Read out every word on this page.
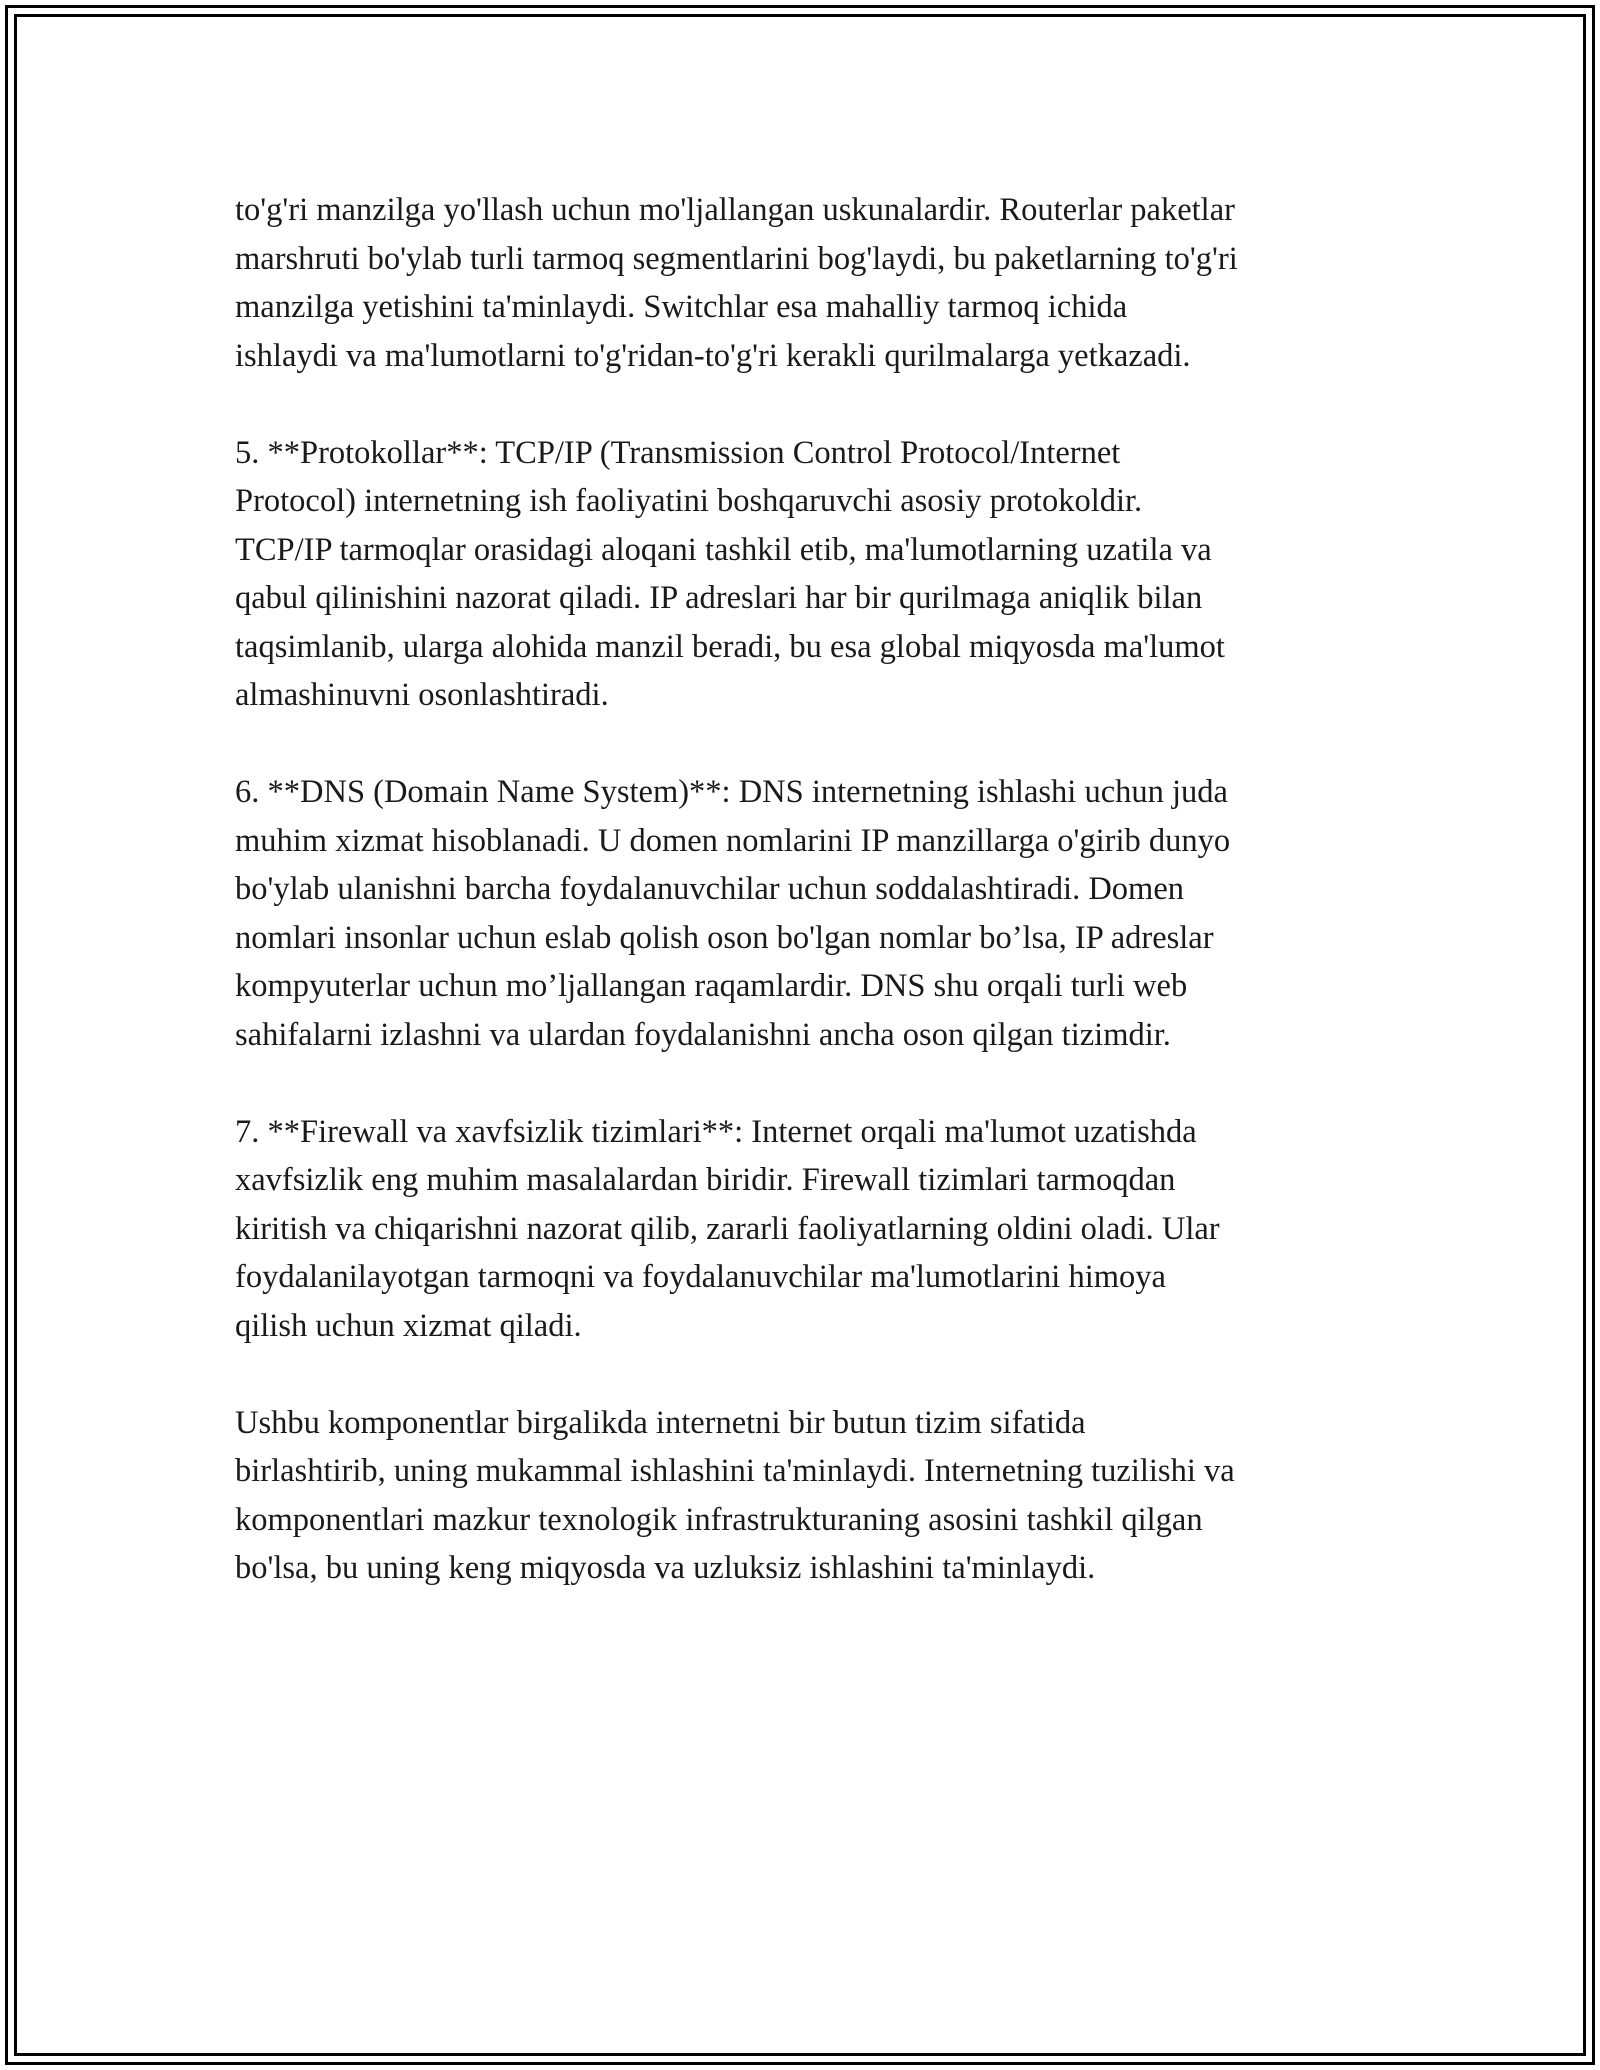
to'g'ri manzilga yo'llash uchun mo'ljallangan uskunalardir. Routerlar paketlar
marshruti bo'ylab turli tarmoq segmentlarini bog'laydi, bu paketlarning to'g'ri
manzilga yetishini ta'minlaydi. Switchlar esa mahalliy tarmoq ichida
ishlaydi va ma'lumotlarni to'g'ridan-to'g'ri kerakli qurilmalarga yetkazadi.

5. **Protokollar**: TCP/IP (Transmission Control Protocol/Internet
Protocol) internetning ish faoliyatini boshqaruvchi asosiy protokoldir.
TCP/IP tarmoqlar orasidagi aloqani tashkil etib, ma'lumotlarning uzatila va
qabul qilinishini nazorat qiladi. IP adreslari har bir qurilmaga aniqlik bilan
taqsimlanib, ularga alohida manzil beradi, bu esa global miqyosda ma'lumot
almashinuvni osonlashtiradi.

6. **DNS (Domain Name System)**: DNS internetning ishlashi uchun juda
muhim xizmat hisoblanadi. U domen nomlarini IP manzillarga o'girib dunyo
bo'ylab ulanishni barcha foydalanuvchilar uchun soddalashtiradi. Domen
nomlari insonlar uchun eslab qolish oson bo'lgan nomlar bo’lsa, IP adreslar
kompyuterlar uchun mo’ljallangan raqamlardir. DNS shu orqali turli web
sahifalarni izlashni va ulardan foydalanishni ancha oson qilgan tizimdir.

7. **Firewall va xavfsizlik tizimlari**: Internet orqali ma'lumot uzatishda
xavfsizlik eng muhim masalalardan biridir. Firewall tizimlari tarmoqdan
kiritish va chiqarishni nazorat qilib, zararli faoliyatlarning oldini oladi. Ular
foydalanilayotgan tarmoqni va foydalanuvchilar ma'lumotlarini himoya
qilish uchun xizmat qiladi.

Ushbu komponentlar birgalikda internetni bir butun tizim sifatida
birlashtirib, uning mukammal ishlashini ta'minlaydi. Internetning tuzilishi va
komponentlari mazkur texnologik infrastrukturaning asosini tashkil qilgan
bo'lsa, bu uning keng miqyosda va uzluksiz ishlashini ta'minlaydi.
